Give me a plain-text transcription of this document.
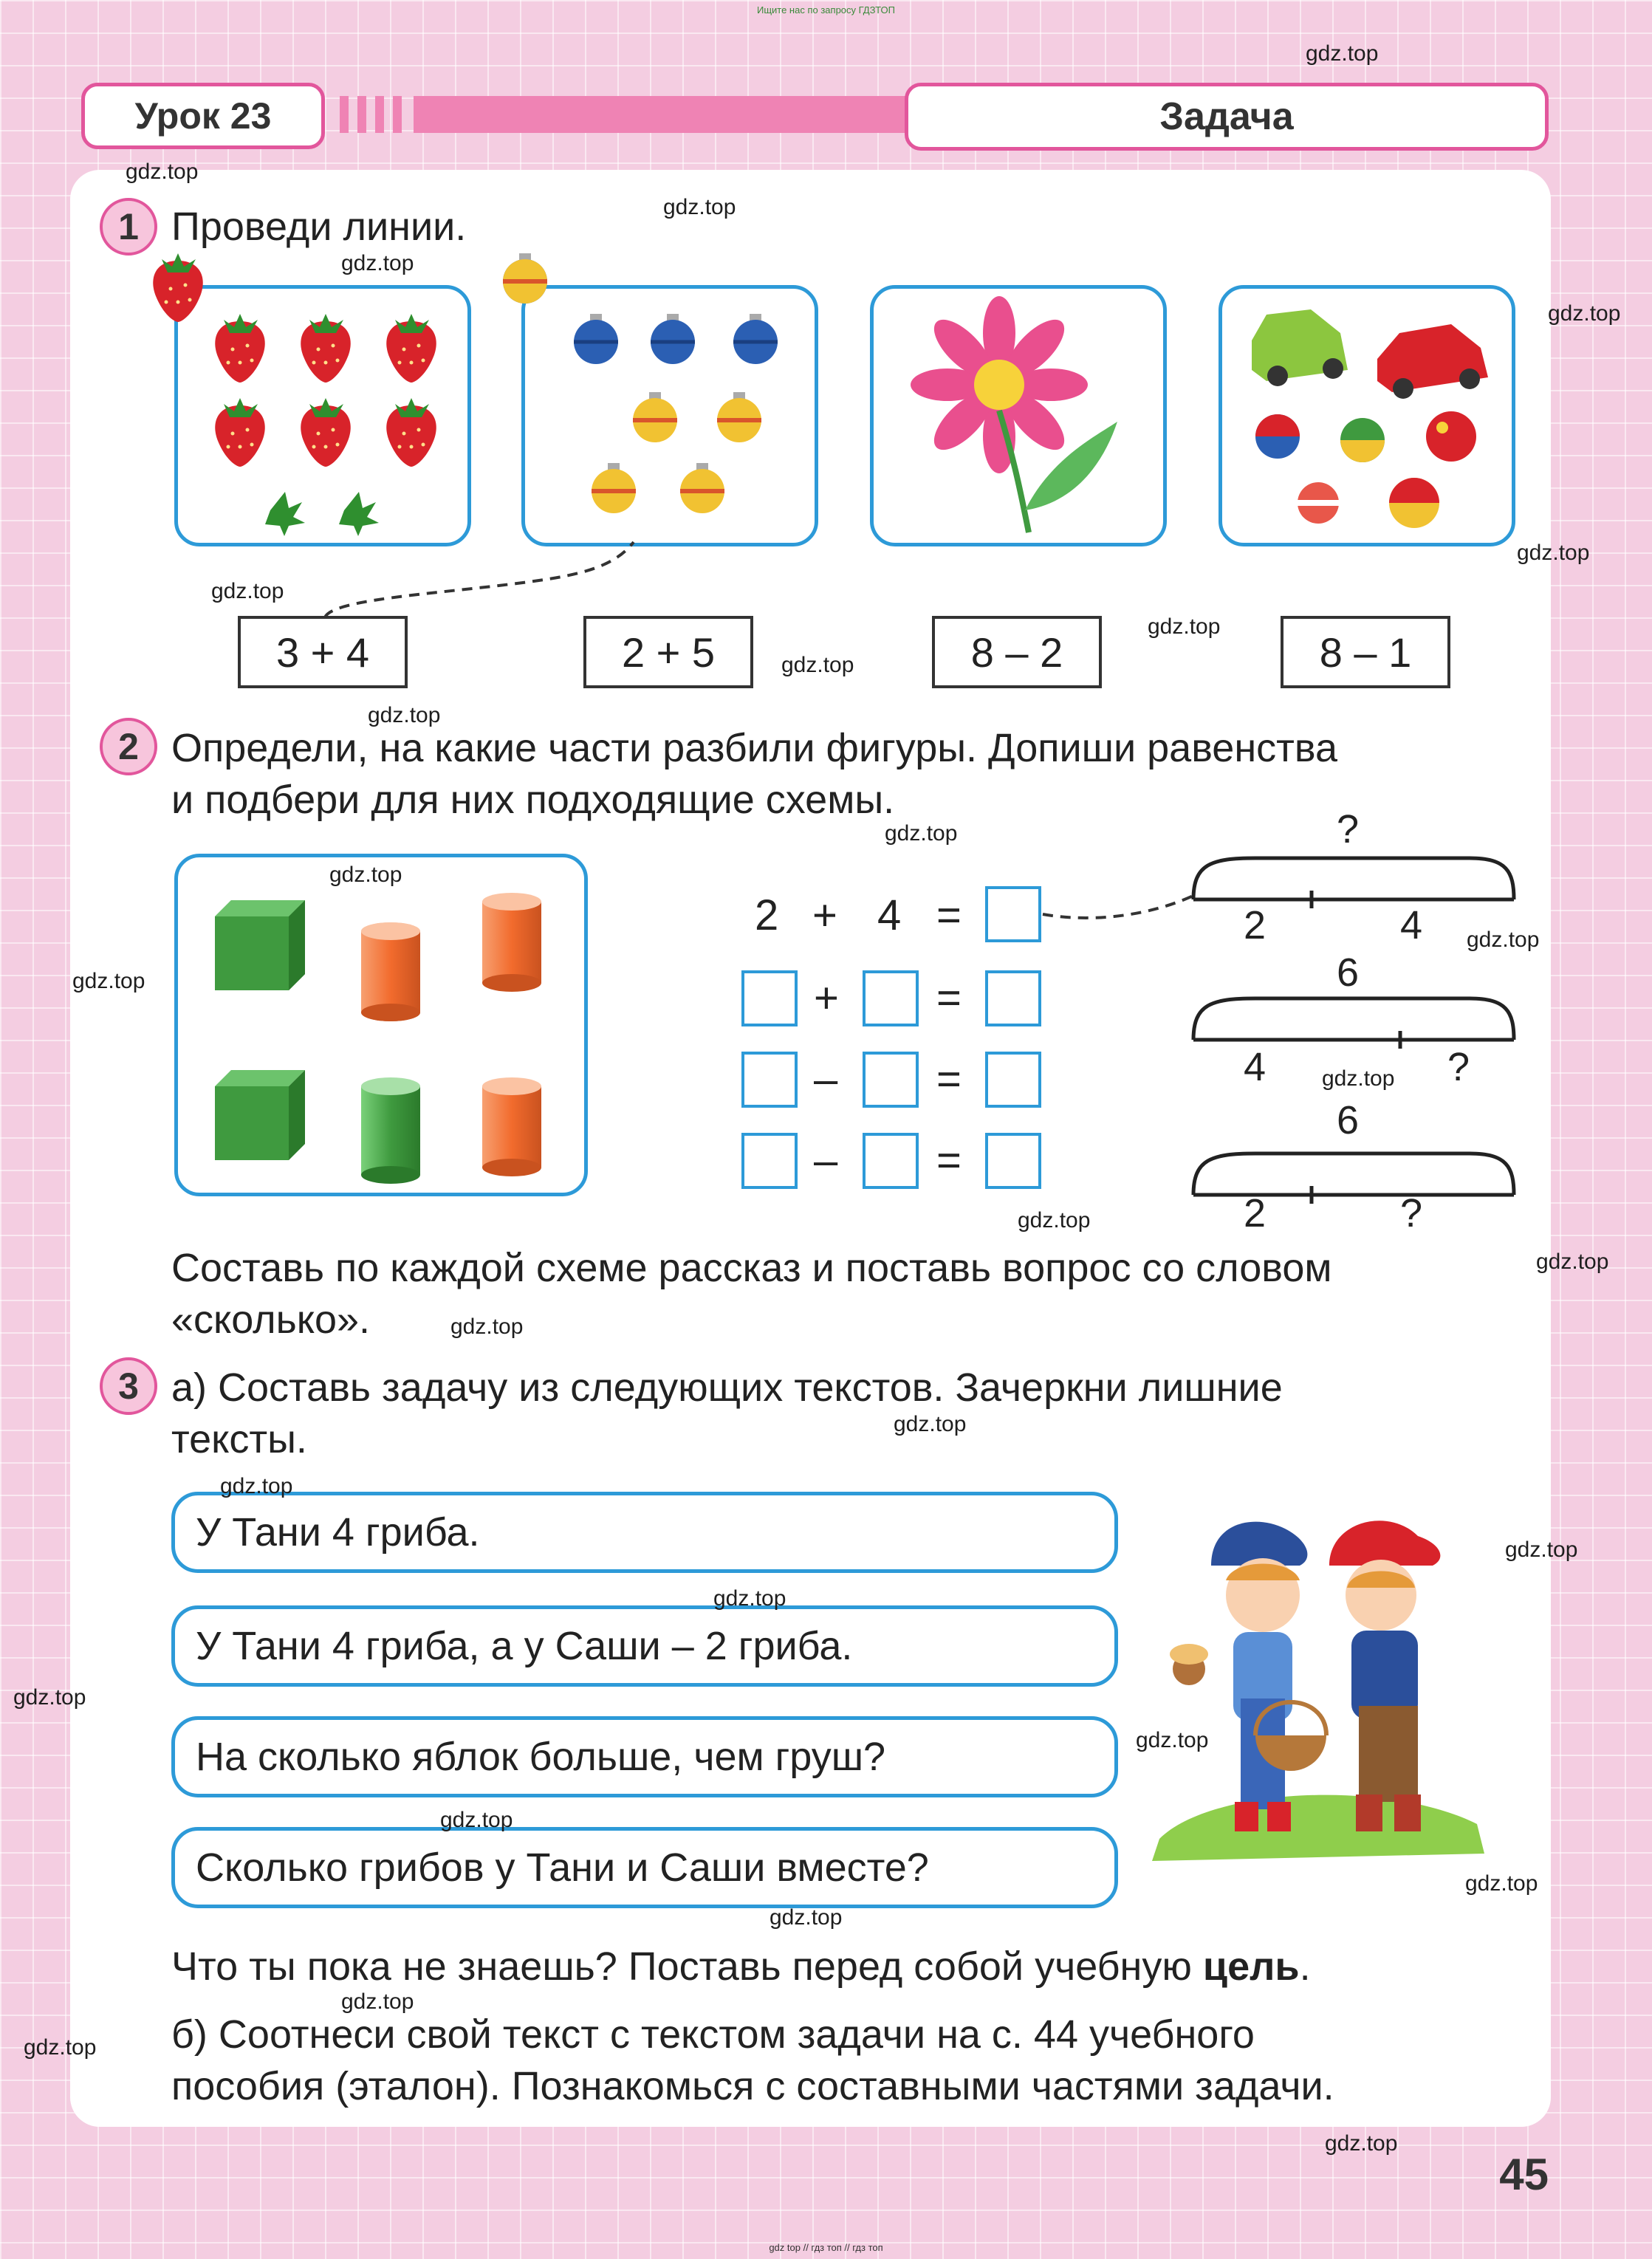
Ищите нас по запросу ГДЗТОП
Урок 23	Задача
1 Проведи линии.
3 + 4	2 + 5	8 – 2	8 – 1
2 Определи, на какие части разбили фигуры. Допиши равенства
и подбери для них подходящие схемы.
2 + 4 =
+ =
– =
– =
?
2	4
6
4	?
6
2	?
Составь по каждой схеме рассказ и поставь вопрос со словом
«сколько».
3 а) Составь задачу из следующих текстов. Зачеркни лишние
тексты.
У Тани 4 гриба.
У Тани 4 гриба, а у Саши – 2 гриба.
На сколько яблок больше, чем груш?
Сколько грибов у Тани и Саши вместе?
Что ты пока не знаешь? Поставь перед собой учебную цель.
б) Соотнеси свой текст с текстом задачи на с. 44 учебного
пособия (эталон). Познакомься с составными частями задачи.
45
gdz top // гдз топ // гдз топ
gdz.top
gdz.top
gdz.top
gdz.top
gdz.top
gdz.top
gdz.top
gdz.top
gdz.top
gdz.top
gdz.top
gdz.top
gdz.top
gdz.top
gdz.top
gdz.top
gdz.top
gdz.top
gdz.top
gdz.top
gdz.top
gdz.top
gdz.top
gdz.top
gdz.top
gdz.top
gdz.top
gdz.top
gdz.top
gdz.top
